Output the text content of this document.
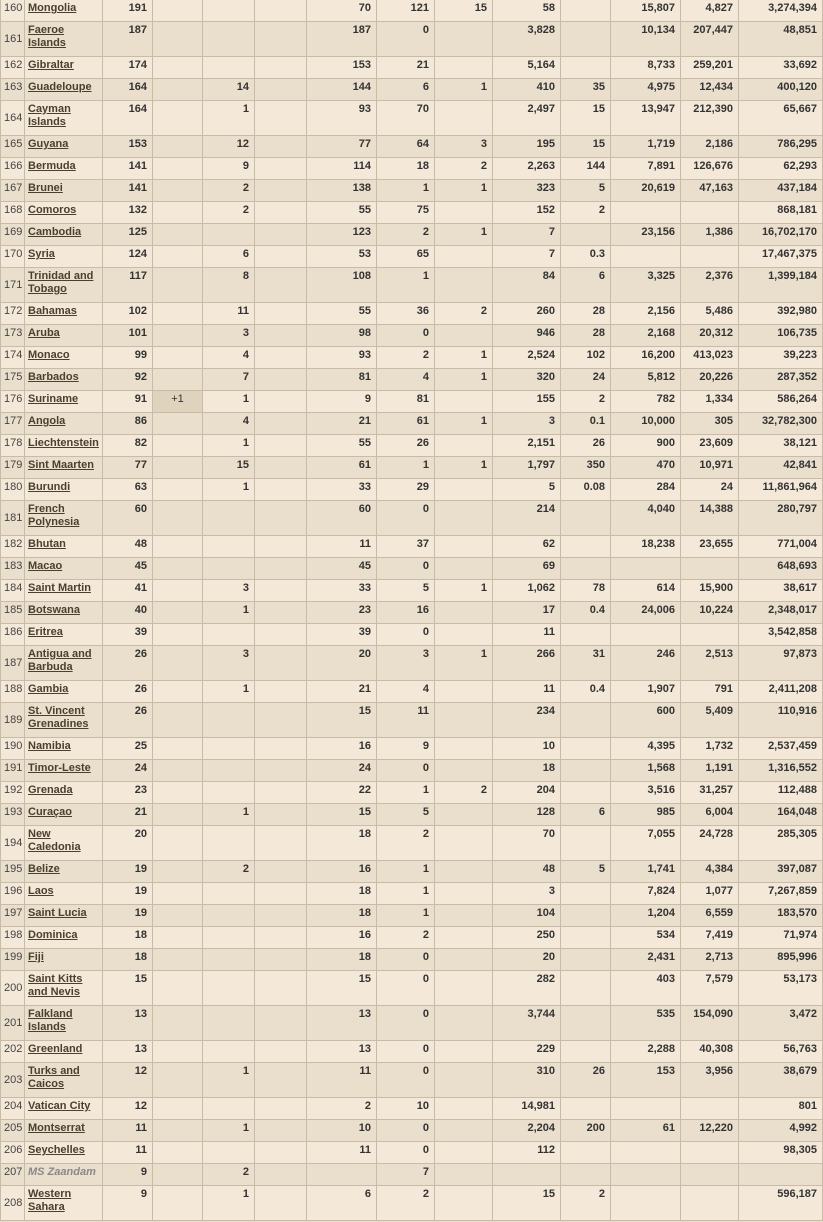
160	Mongolia	191				70	121	15	58		15,807	4,827	3,274,394
161	Faeroe Islands	187				187	0		3,828		10,134	207,447	48,851
162	Gibraltar	174				153	21		5,164		8,733	259,201	33,692
163	Guadeloupe	164		14		144	6	1	410	35	4,975	12,434	400,120
164	Cayman Islands	164		1		93	70		2,497	15	13,947	212,390	65,667
165	Guyana	153		12		77	64	3	195	15	1,719	2,186	786,295
166	Bermuda	141		9		114	18	2	2,263	144	7,891	126,676	62,293
167	Brunei	141		2		138	1	1	323	5	20,619	47,163	437,184
168	Comoros	132		2		55	75		152	2			868,181
169	Cambodia	125				123	2	1	7		23,156	1,386	16,702,170
170	Syria	124		6		53	65		7	0.3			17,467,375
171	Trinidad and Tobago	117		8		108	1		84	6	3,325	2,376	1,399,184
172	Bahamas	102		11		55	36	2	260	28	2,156	5,486	392,980
173	Aruba	101		3		98	0		946	28	2,168	20,312	106,735
174	Monaco	99		4		93	2	1	2,524	102	16,200	413,023	39,223
175	Barbados	92		7		81	4	1	320	24	5,812	20,226	287,352
176	Suriname	91	+1	1		9	81		155	2	782	1,334	586,264
177	Angola	86		4		21	61	1	3	0.1	10,000	305	32,782,300
178	Liechtenstein	82		1		55	26		2,151	26	900	23,609	38,121
179	Sint Maarten	77		15		61	1	1	1,797	350	470	10,971	42,841
180	Burundi	63		1		33	29		5	0.08	284	24	11,861,964
181	French Polynesia	60				60	0		214		4,040	14,388	280,797
182	Bhutan	48				11	37		62		18,238	23,655	771,004
183	Macao	45				45	0		69				648,693
184	Saint Martin	41		3		33	5	1	1,062	78	614	15,900	38,617
185	Botswana	40		1		23	16		17	0.4	24,006	10,224	2,348,017
186	Eritrea	39				39	0		11				3,542,858
187	Antigua and Barbuda	26		3		20	3	1	266	31	246	2,513	97,873
188	Gambia	26		1		21	4		11	0.4	1,907	791	2,411,208
189	St. Vincent Grenadines	26				15	11		234		600	5,409	110,916
190	Namibia	25				16	9		10		4,395	1,732	2,537,459
191	Timor-Leste	24				24	0		18		1,568	1,191	1,316,552
192	Grenada	23				22	1	2	204		3,516	31,257	112,488
193	Curaçao	21		1		15	5		128	6	985	6,004	164,048
194	New Caledonia	20				18	2		70		7,055	24,728	285,305
195	Belize	19		2		16	1		48	5	1,741	4,384	397,087
196	Laos	19				18	1		3		7,824	1,077	7,267,859
197	Saint Lucia	19				18	1		104		1,204	6,559	183,570
198	Dominica	18				16	2		250		534	7,419	71,974
199	Fiji	18				18	0		20		2,431	2,713	895,996
200	Saint Kitts and Nevis	15				15	0		282		403	7,579	53,173
201	Falkland Islands	13				13	0		3,744		535	154,090	3,472
202	Greenland	13				13	0		229		2,288	40,308	56,763
203	Turks and Caicos	12		1		11	0		310	26	153	3,956	38,679
204	Vatican City	12				2	10		14,981				801
205	Montserrat	11		1		10	0		2,204	200	61	12,220	4,992
206	Seychelles	11				11	0		112				98,305
207	MS Zaandam	9		2			7						
208	Western Sahara	9		1		6	2		15	2			596,187
